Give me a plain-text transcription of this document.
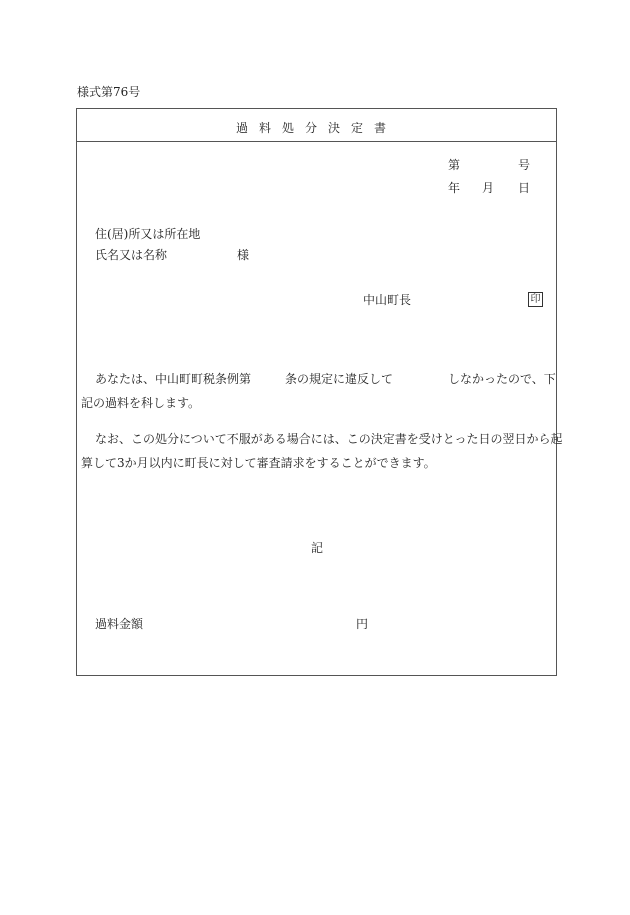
様式第76号
過料処分決定書
第	号
年 月 日
住(居)所又は所在地
氏名又は名称	様
中山町長	印
あなたは、中山町町税条例第	条の規定に違反して	しなかったので、下
記の過料を科します。
なお、この処分について不服がある場合には、この決定書を受けとった日の翌日から起
算して3か月以内に町長に対して審査請求をすることができます。
記
過料金額	円
